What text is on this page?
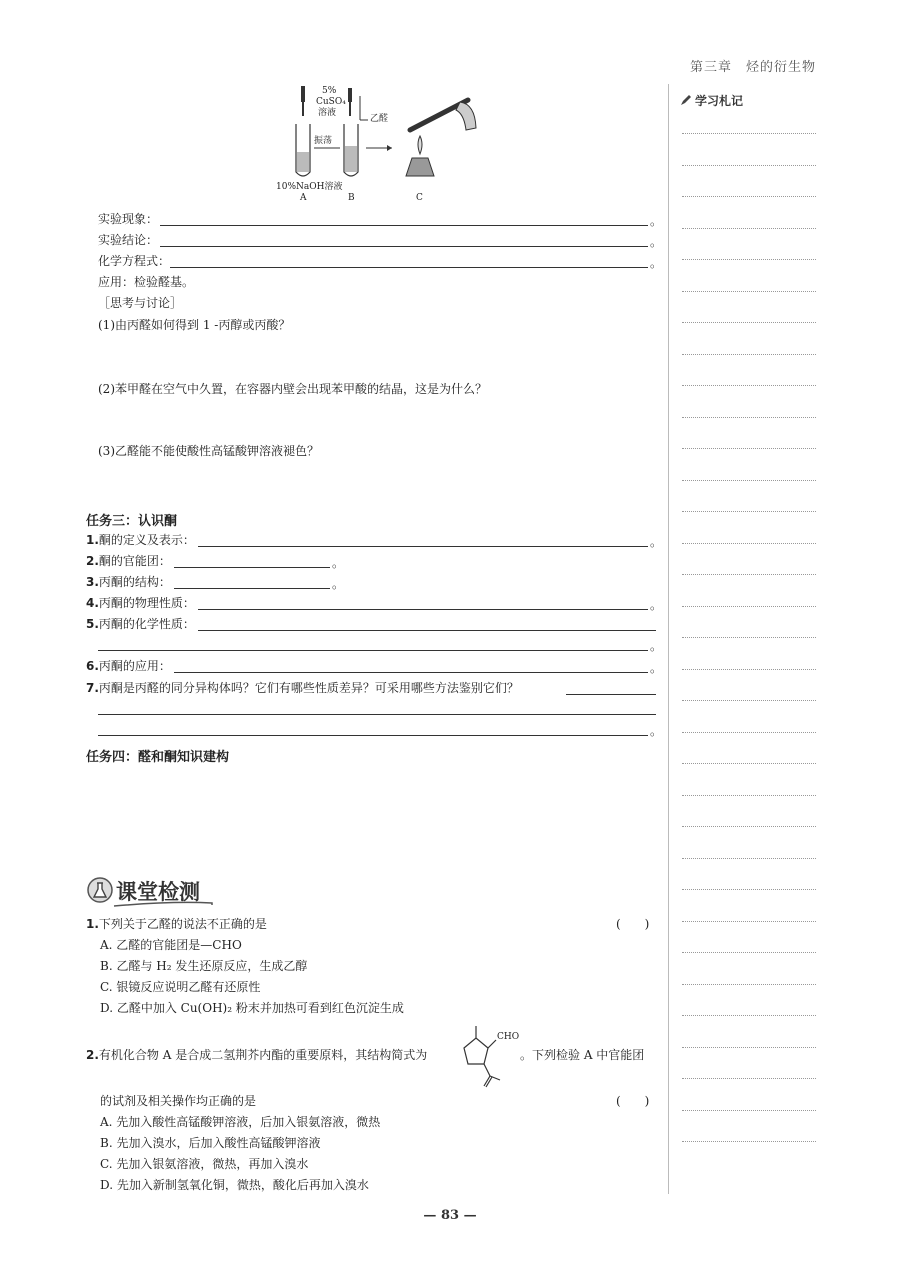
第三章　烃的衍生物
学习札记
5%
CuSO₄
溶液
乙醛
振荡
10%NaOH溶液
A	B	C
实验现象：	。
实验结论：	。
化学方程式：	。
应用：检验醛基。
［思考与讨论］
(1)由丙醛如何得到 1 -丙醇或丙酸？
(2)苯甲醛在空气中久置，在容器内壁会出现苯甲酸的结晶，这是为什么？
(3)乙醛能不能使酸性高锰酸钾溶液褪色？
任务三：认识酮
1.酮的定义及表示：	。
2.酮的官能团：	。
3.丙酮的结构：	。
4.丙酮的物理性质：	。
5.丙酮的化学性质：
。
6.丙酮的应用：	。
7.丙酮是丙醛的同分异构体吗？它们有哪些性质差异？可采用哪些方法鉴别它们？
。
任务四：醛和酮知识建构
课堂检测
1.下列关于乙醛的说法不正确的是	(　　)
A. 乙醛的官能团是—CHO
B. 乙醛与 H₂ 发生还原反应，生成乙醇
C. 银镜反应说明乙醛有还原性
D. 乙醛中加入 Cu(OH)₂ 粉末并加热可看到红色沉淀生成
2.有机化合物 A 是合成二氢荆芥内酯的重要原料，其结构简式为
CHO
。下列检验 A 中官能团
的试剂及相关操作均正确的是	(　　)
A. 先加入酸性高锰酸钾溶液，后加入银氨溶液，微热
B. 先加入溴水，后加入酸性高锰酸钾溶液
C. 先加入银氨溶液，微热，再加入溴水
D. 先加入新制氢氧化铜，微热，酸化后再加入溴水
— 83 —
